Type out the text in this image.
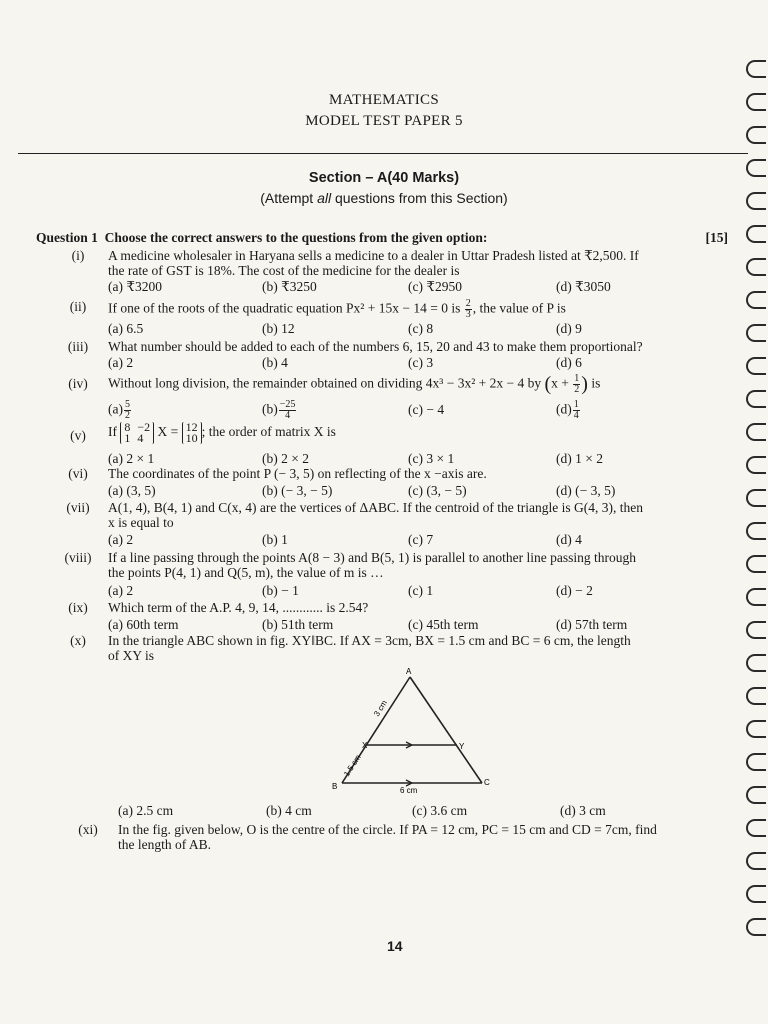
MATHEMATICS
MODEL TEST PAPER 5
Section – A(40 Marks)
(Attempt all questions from this Section)
Question 1 Choose the correct answers to the questions from the given option:	[15]
(i)	A medicine wholesaler in Haryana sells a medicine to a dealer in Uttar Pradesh listed at ₹2,500. If
the rate of GST is 18%. The cost of the medicine for the dealer is
(a) ₹3200	(b) ₹3250	(c) ₹2950	(d) ₹3050
(ii)	If one of the roots of the quadratic equation Px² + 15x − 14 = 0 is $\frac{2}{3}$ , the value of P is
(a) 6.5	(b) 12	(c) 8	(d) 9
(iii)	What number should be added to each of the numbers 6, 15, 20 and 43 to make them proportional?
(a) 2	(b) 4	(c) 3	(d) 6
(iv)	Without long division, the remainder obtained on dividing 4x³ − 3x² + 2x − 4 by ($x + \frac{1}{2}$ ) is
$(a) \frac{5}{2}$	$(b) \frac{-25}{4}$	(c) − 4	$(d) \frac{1}{4}$
(v)	If 8 −2
1 4	X = 12
10 ; the order of matrix X is
(a) 2 × 1	(b) 2 × 2	(c) 3 × 1	(d) 1 × 2
(vi)	The coordinates of the point P (− 3, 5) on reflecting of the x −axis are.
(a) (3, 5)	(b) (− 3, − 5)	(c) (3, − 5)	(d) (− 3, 5)
(vii)	A(1, 4), B(4, 1) and C(x, 4) are the vertices of ΔABC. If the centroid of the triangle is G(4, 3), then
x is equal to
(a) 2	(b) 1	(c) 7	(d) 4
(viii)	If a line passing through the points A(8 − 3) and B(5, 1) is parallel to another line passing through
the points P(4, 1) and Q(5, m), the value of m is …
(a) 2	(b) − 1	(c) 1	(d) − 2
(ix)	Which term of the A.P. 4, 9, 14, ............ is 2.54?
(a) 60th term	(b) 51th term	(c) 45th term	(d) 57th term
(x)	In the triangle ABC shown in fig. XY‖BC. If AX = 3cm, BX = 1.5 cm and BC = 6 cm, the length
of XY is
A
B	C
X	Y
3 cm
1.5 cm
6 cm
(a) 2.5 cm	(b) 4 cm	(c) 3.6 cm	(d) 3 cm
(xi)	In the fig. given below, O is the centre of the circle. If PA = 12 cm, PC = 15 cm and CD = 7cm, find
the length of AB.
14
